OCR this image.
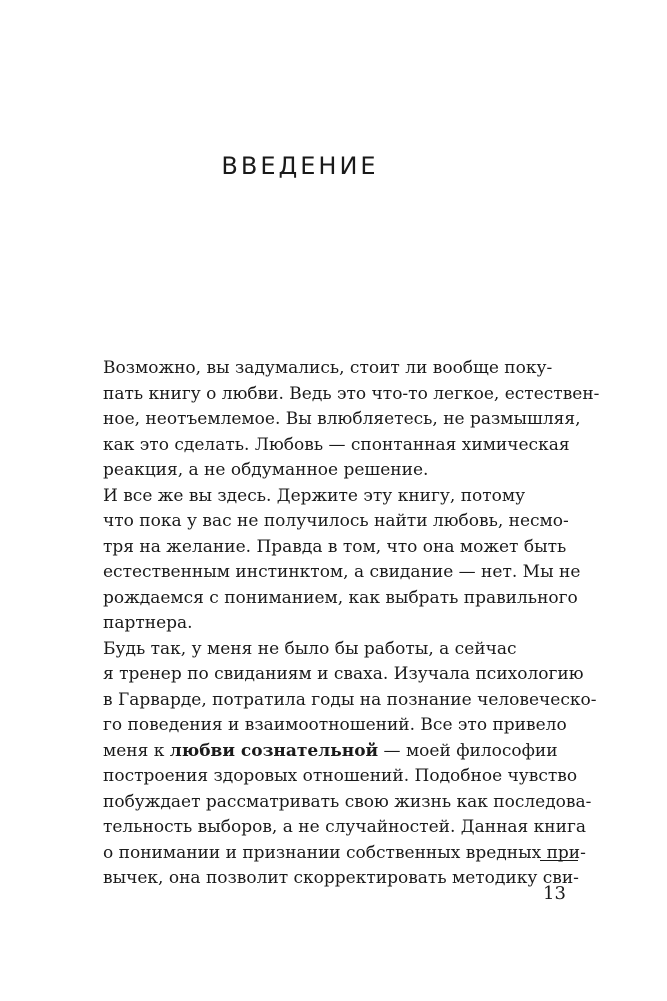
ВВЕДЕНИЕ
Возможно, вы задумались, стоит ли вообще поку-
пать книгу о любви. Ведь это что-то легкое, естествен-
ное, неотъемлемое. Вы влюбляетесь, не размышляя,
как это сделать. Любовь — спонтанная химическая
реакция, а не обдуманное решение.
И все же вы здесь. Держите эту книгу, потому
что пока у вас не получилось найти любовь, несмо-
тря на желание. Правда в том, что она может быть
естественным инстинктом, а свидание — нет. Мы не
рождаемся с пониманием, как выбрать правильного
партнера.
Будь так, у меня не было бы работы, а сейчас
я тренер по свиданиям и сваха. Изучала психологию
в Гарварде, потратила годы на познание человеческо-
го поведения и взаимоотношений. Все это привело
меня к любви сознательной — моей философии
построения здоровых отношений. Подобное чувство
побуждает рассматривать свою жизнь как последова-
тельность выборов, а не случайностей. Данная книга
о понимании и признании собственных вредных при-
вычек, она позволит скорректировать методику сви-
13
